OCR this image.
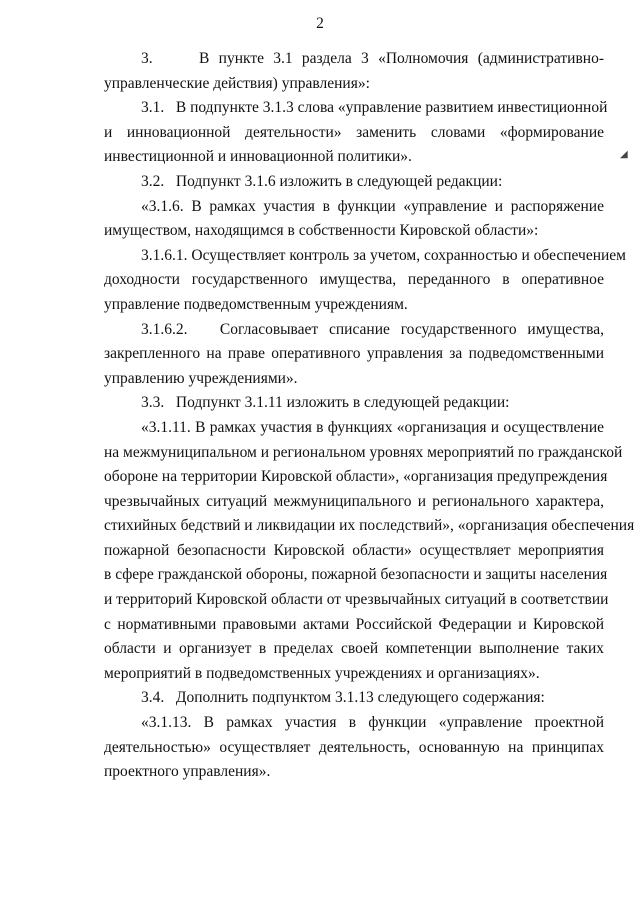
2
◢
3.     В пункте 3.1 раздела 3 «Полномочия (административно-
управленческие действия) управления»:
3.1.   В подпункте 3.1.3 слова «управление развитием инвестиционной
и инновационной деятельности» заменить словами «формирование
инвестиционной и инновационной политики».
3.2.   Подпункт 3.1.6 изложить в следующей редакции:
«3.1.6. В рамках участия в функции «управление и распоряжение
имуществом, находящимся в собственности Кировской области»:
3.1.6.1. Осуществляет контроль за учетом, сохранностью и обеспечением
доходности государственного имущества, переданного в оперативное
управление подведомственным учреждениям.
3.1.6.2.   Согласовывает списание государственного имущества,
закрепленного на праве оперативного управления за подведомственными
управлению учреждениями».
3.3.   Подпункт 3.1.11 изложить в следующей редакции:
«3.1.11. В рамках участия в функциях «организация и осуществление
на межмуниципальном и региональном уровнях мероприятий по гражданской
обороне на территории Кировской области», «организация предупреждения
чрезвычайных ситуаций межмуниципального и регионального характера,
стихийных бедствий и ликвидации их последствий», «организация обеспечения
пожарной безопасности Кировской области» осуществляет мероприятия
в сфере гражданской обороны, пожарной безопасности и защиты населения
и территорий Кировской области от чрезвычайных ситуаций в соответствии
с нормативными правовыми актами Российской Федерации и Кировской
области и организует в пределах своей компетенции выполнение таких
мероприятий в подведомственных учреждениях и организациях».
3.4.   Дополнить подпунктом 3.1.13 следующего содержания:
«3.1.13. В рамках участия в функции «управление проектной
деятельностью» осуществляет деятельность, основанную на принципах
проектного управления».
